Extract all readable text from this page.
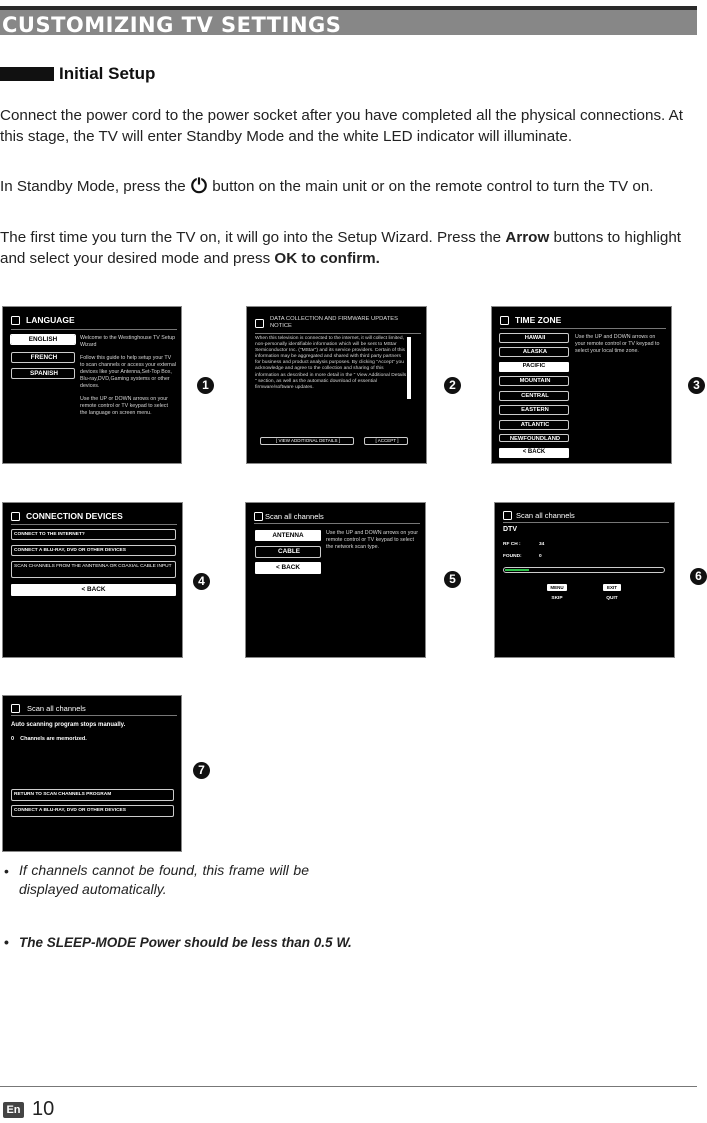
CUSTOMIZING TV SETTINGS
Initial Setup

Connect the power cord to the power socket after you have completed all the physical connections. At this stage, the TV will enter Standby Mode and the white LED indicator will illuminate.

In Standby Mode, press the button on the main unit or on the remote control to turn the TV on.

The first time you turn the TV on, it will go into the Setup Wizard. Press the Arrow buttons to highlight and select your desired mode and press OK to confirm.

LANGUAGE
ENGLISH
FRENCH
SPANISH

Welcome to the Westinghouse TV Setup Wizard

Follow this guide to help setup your TV to scan channels or access your external devices like your Antenna,Set-Top Box, Blu-ray,DVD,Gaming systems or other devices.

Use the UP or DOWN arrows on your remote control or TV keypad to select the language on screen menu.

1
DATA COLLECTION AND FIRMWARE UPDATES NOTICE

When this television is connected to the internet, it will collect limited, non-personally identifiable information which will be sent to MStar Semiconductor Inc. ("MStar") and its service providers. Certain of this information may be aggregated and shared with third party partners for business and product analysis purposes. By clicking "Accept" you acknowledge and agree to the collection and sharing of this information as described in more detail in the " View Additional Details " section, as well as the automatic download of essential firmware/software updates.

[ VIEW ADDITIONAL DETAILS ]	[ ACCEPT ]
2
TIME ZONE
HAWAII
ALASKA
PACIFIC
MOUNTAIN
CENTRAL
EASTERN
ATLANTIC
NEWFOUNDLAND
< BACK

Use the UP and DOWN arrows on your remote control or TV keypad to select your local time zone.

3
CONNECTION DEVICES
CONNECT TO THE INTERNET?
CONNECT A BLU-RAY, DVD OR OTHER DEVICES
SCAN CHANNELS FROM THE ANNTENNA OR COAXIAL CABLE INPUT
< BACK
4
Scan all channels
ANTENNA
CABLE
< BACK

Use the UP and DOWN arrows on your remote control or TV keypad to select the network scan type.

5
Scan all channels
DTV
RF CH :	34
FOUND:	0
MENU
SKIP
EXIT
QUIT
6
Scan all channels
Auto scanning program stops manually.
0    Channels are memorized.
RETURN TO SCAN CHANNELS PROGRAM
CONNECT A BLU-RAY, DVD OR OTHER DEVICES
7
• If channels cannot be found, this frame will be displayed automatically.

• The SLEEP-MODE Power should be less than 0.5 W.

En 10
